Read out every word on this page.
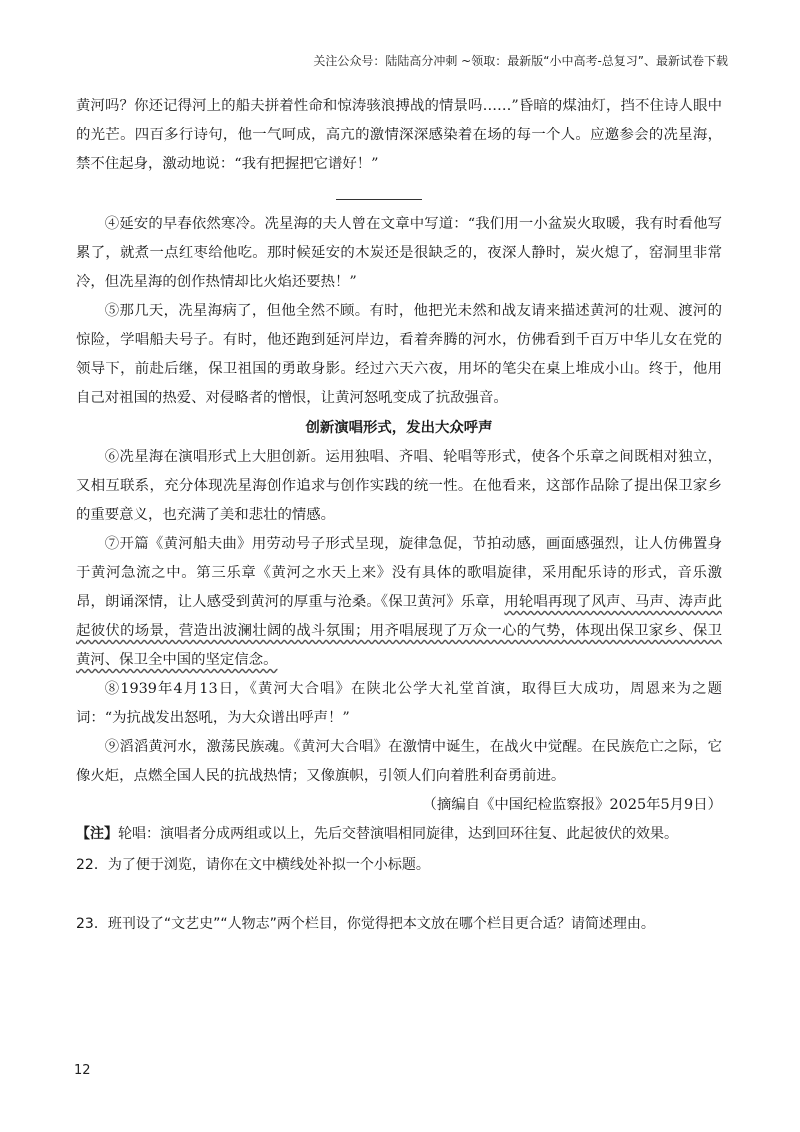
关注公众号：陆陆高分冲刺 ~领取：最新版“小中高考-总复习”、最新试卷下载

黄河吗？你还记得河上的船夫拼着性命和惊涛骇浪搏战的情景吗……”昏暗的煤油灯，挡不住诗人眼中的光芒。四百多行诗句，他一气呵成，高亢的激情深深感染着在场的每一个人。应邀参会的冼星海，禁不住起身，激动地说：“我有把握把它谱好！”

④延安的早春依然寒冷。冼星海的夫人曾在文章中写道：“我们用一小盆炭火取暖，我有时看他写累了，就煮一点红枣给他吃。那时候延安的木炭还是很缺乏的，夜深人静时，炭火熄了，窑洞里非常冷，但冼星海的创作热情却比火焰还要热！”

⑤那几天，冼星海病了，但他全然不顾。有时，他把光未然和战友请来描述黄河的壮观、渡河的惊险，学唱船夫号子。有时，他还跑到延河岸边，看着奔腾的河水，仿佛看到千百万中华儿女在党的领导下，前赴后继，保卫祖国的勇敢身影。经过六天六夜，用坏的笔尖在桌上堆成小山。终于，他用自己对祖国的热爱、对侵略者的憎恨，让黄河怒吼变成了抗敌强音。

创新演唱形式，发出大众呼声

⑥冼星海在演唱形式上大胆创新。运用独唱、齐唱、轮唱等形式，使各个乐章之间既相对独立，又相互联系，充分体现冼星海创作追求与创作实践的统一性。在他看来，这部作品除了提出保卫家乡的重要意义，也充满了美和悲壮的情感。

⑦开篇《黄河船夫曲》用劳动号子形式呈现，旋律急促，节拍动感，画面感强烈，让人仿佛置身于黄河急流之中。第三乐章《黄河之水天上来》没有具体的歌唱旋律，采用配乐诗的形式，音乐激昂，朗诵深情，让人感受到黄河的厚重与沧桑。《保卫黄河》乐章，用轮唱再现了风声、马声、涛声此起彼伏的场景，营造出波澜壮阔的战斗氛围；用齐唱展现了万众一心的气势，体现出保卫家乡、保卫黄河、保卫全中国的坚定信念。

⑧1939年4月13日，《黄河大合唱》在陕北公学大礼堂首演，取得巨大成功，周恩来为之题词：“为抗战发出怒吼，为大众谱出呼声！”

⑨滔滔黄河水，激荡民族魂。《黄河大合唱》在激情中诞生，在战火中觉醒。在民族危亡之际，它像火炬，点燃全国人民的抗战热情；又像旗帜，引领人们向着胜利奋勇前进。

（摘编自《中国纪检监察报》2025年5月9日）

【注】轮唱：演唱者分成两组或以上，先后交替演唱相同旋律，达到回环往复、此起彼伏的效果。

22．为了便于浏览，请你在文中横线处补拟一个小标题。

23．班刊设了“文艺史”“人物志”两个栏目，你觉得把本文放在哪个栏目更合适？请简述理由。

12
